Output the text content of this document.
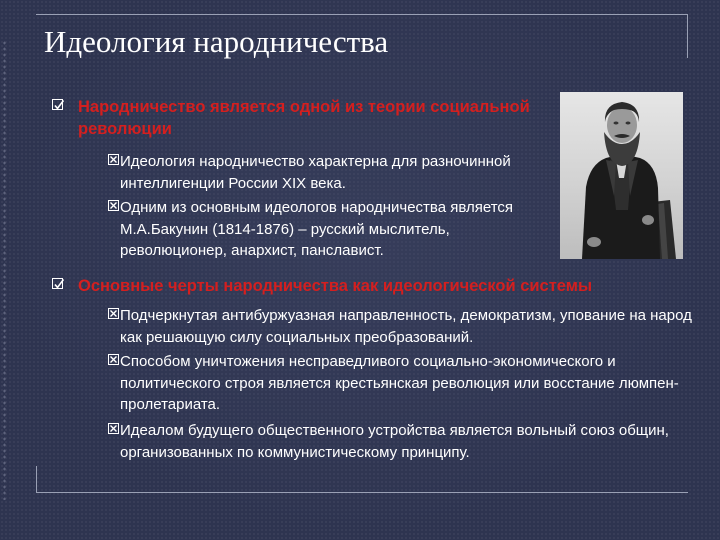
Идеология народничества
Народничество является одной из теории социальной революции
Идеология народничество характерна для разночинной интеллигенции России XIX века.
Одним из основным идеологов народничества является М.А.Бакунин (1814-1876) – русский мыслитель, революционер, анархист, панславист.
Основные черты народничества как идеологической системы
Подчеркнутая антибуржуазная направленность, демократизм, упование на народ как решающую силу социальных преобразований.
Способом уничтожения несправедливого социально-экономического и политического строя является крестьянская революция или восстание люмпен-пролетариата.
Идеалом будущего общественного устройства является вольный союз общин, организованных по коммунистическому принципу.
